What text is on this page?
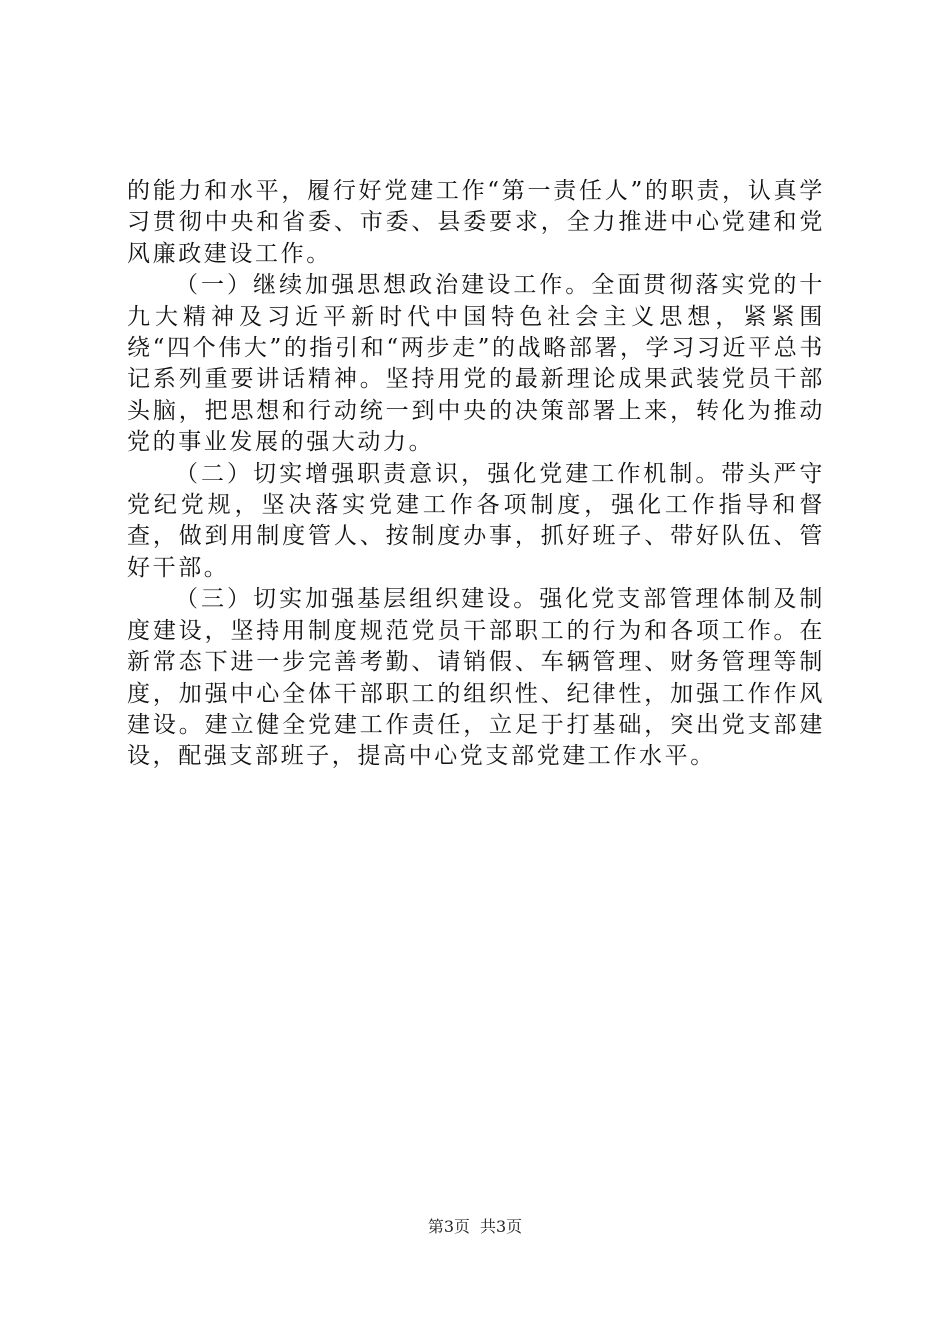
的能力和水平，履行好党建工作“第一责任人”的职责，认真学习贯彻中央和省委、市委、县委要求，全力推进中心党建和党风廉政建设工作。

（一）继续加强思想政治建设工作。全面贯彻落实党的十九大精神及习近平新时代中国特色社会主义思想，紧紧围绕“四个伟大”的指引和“两步走”的战略部署，学习习近平总书记系列重要讲话精神。坚持用党的最新理论成果武装党员干部头脑，把思想和行动统一到中央的决策部署上来，转化为推动党的事业发展的强大动力。

（二）切实增强职责意识，强化党建工作机制。带头严守党纪党规，坚决落实党建工作各项制度，强化工作指导和督查，做到用制度管人、按制度办事，抓好班子、带好队伍、管好干部。

（三）切实加强基层组织建设。强化党支部管理体制及制度建设，坚持用制度规范党员干部职工的行为和各项工作。在新常态下进一步完善考勤、请销假、车辆管理、财务管理等制度，加强中心全体干部职工的组织性、纪律性，加强工作作风建设。建立健全党建工作责任，立足于打基础，突出党支部建设，配强支部班子，提高中心党支部党建工作水平。

第3页 共3页
